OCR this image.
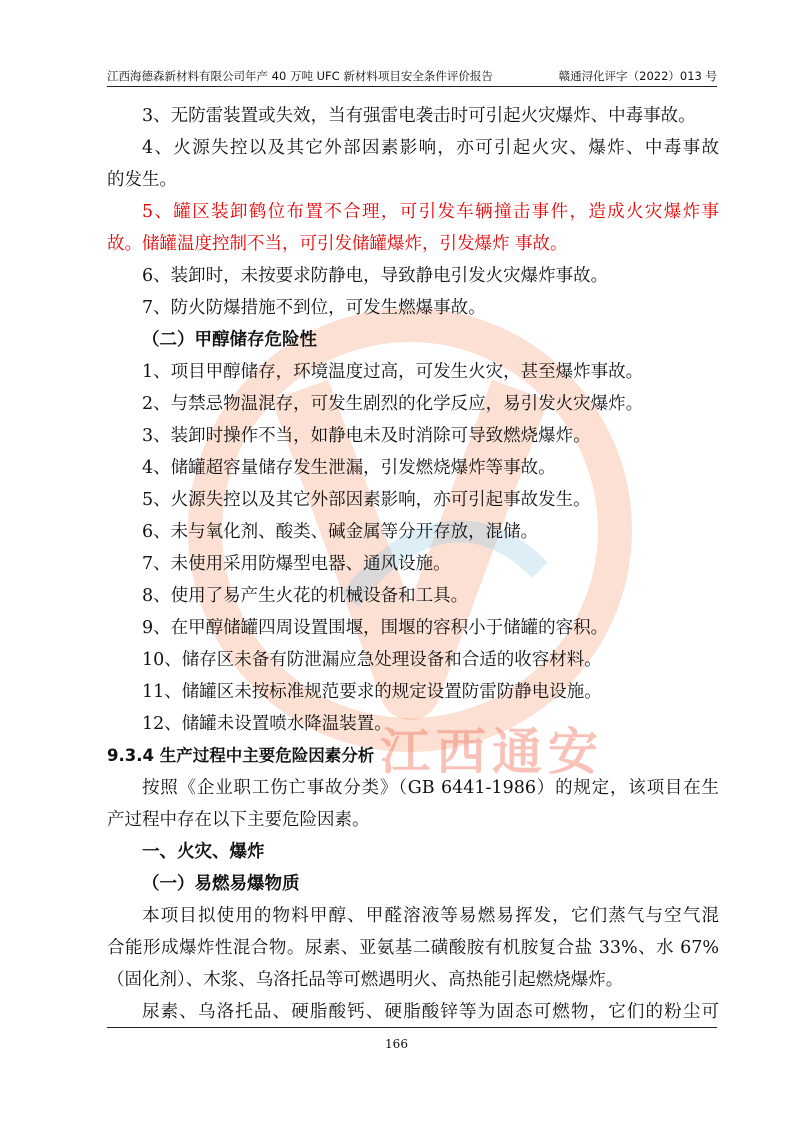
江西通安
江西海德森新材料有限公司年产 40 万吨 UFC 新材料项目安全条件评价报告	赣通浔化评字（2022）013 号
3、无防雷装置或失效，当有强雷电袭击时可引起火灾爆炸、中毒事故。
4、火源失控以及其它外部因素影响，亦可引起火灾、爆炸、中毒事故
的发生。
5、罐区装卸鹤位布置不合理，可引发车辆撞击事件，造成火灾爆炸事
故。储罐温度控制不当，可引发储罐爆炸，引发爆炸 事故。
6、装卸时，未按要求防静电，导致静电引发火灾爆炸事故。
7、防火防爆措施不到位，可发生燃爆事故。
（二）甲醇储存危险性
1、项目甲醇储存，环境温度过高，可发生火灾，甚至爆炸事故。
2、与禁忌物温混存，可发生剧烈的化学反应，易引发火灾爆炸。
3、装卸时操作不当，如静电未及时消除可导致燃烧爆炸。
4、储罐超容量储存发生泄漏，引发燃烧爆炸等事故。
5、火源失控以及其它外部因素影响，亦可引起事故发生。
6、未与氧化剂、酸类、碱金属等分开存放，混储。
7、未使用采用防爆型电器、通风设施。
8、使用了易产生火花的机械设备和工具。
9、在甲醇储罐四周设置围堰，围堰的容积小于储罐的容积。
10、储存区未备有防泄漏应急处理设备和合适的收容材料。
11、储罐区未按标准规范要求的规定设置防雷防静电设施。
12、储罐未设置喷水降温装置。
9.3.4 生产过程中主要危险因素分析
按照《企业职工伤亡事故分类》（GB 6441-1986）的规定，该项目在生
产过程中存在以下主要危险因素。
一、火灾、爆炸
（一）易燃易爆物质
本项目拟使用的物料甲醇、甲醛溶液等易燃易挥发，它们蒸气与空气混
合能形成爆炸性混合物。尿素、亚氨基二磺酸胺有机胺复合盐 33%、水 67%
（固化剂）、木浆、乌洛托品等可燃遇明火、高热能引起燃烧爆炸。
尿素、乌洛托品、硬脂酸钙、硬脂酸锌等为固态可燃物，它们的粉尘可
166
